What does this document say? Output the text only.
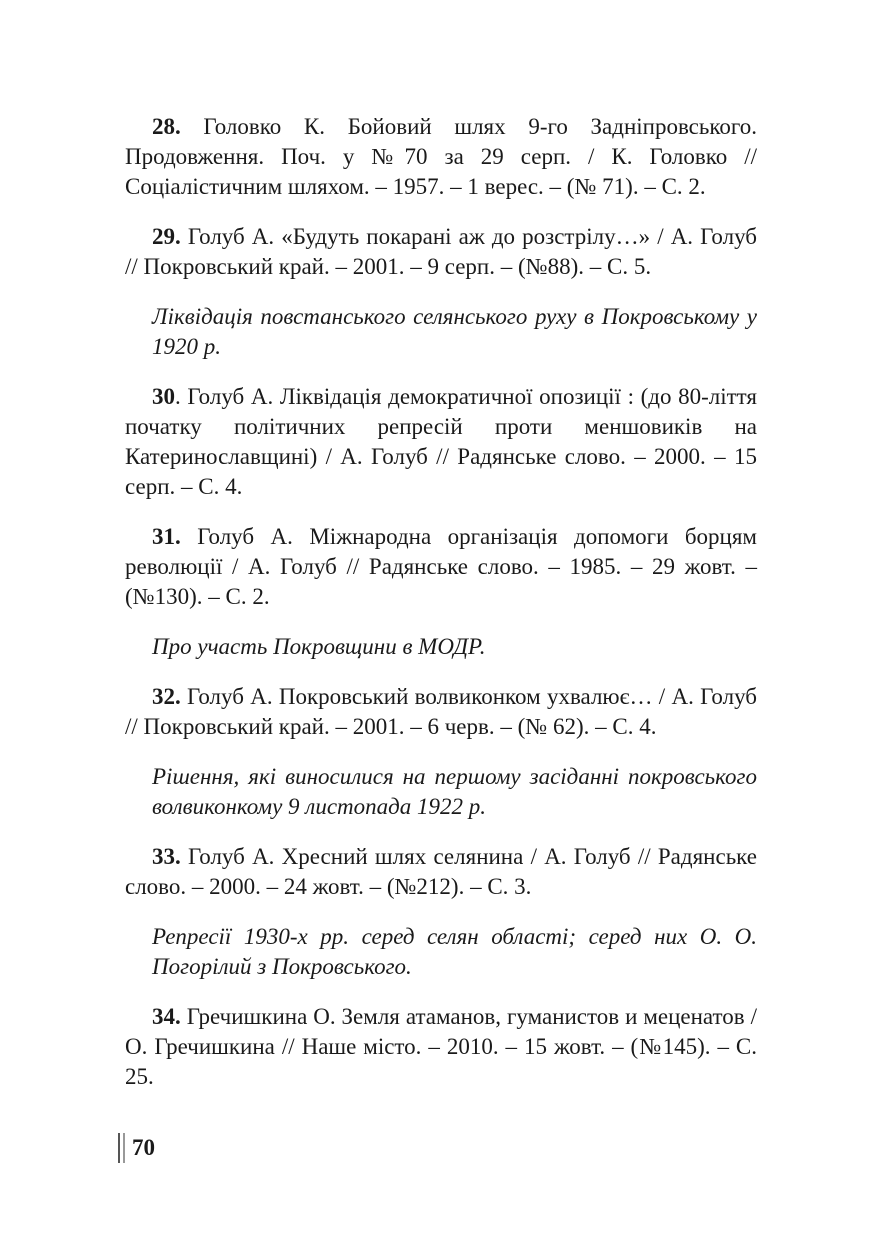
28. Головко К. Бойовий шлях 9-го Задніпровського. Продовження. Поч. у №70 за 29 серп. / К. Головко // Соціалістичним шляхом. – 1957. – 1 верес. – (№ 71). – С. 2.

29. Голуб А. «Будуть покарані аж до розстрілу…» / А. Голуб // Покровський край. – 2001. – 9 серп. – (№88). – С. 5.

Ліквідація повстанського селянського руху в Покровському у 1920 р.

30. Голуб А. Ліквідація демократичної опозиції : (до 80-ліття початку політичних репресій проти меншовиків на Катеринославщині) / А. Голуб // Радянське слово. – 2000. – 15 серп. – С. 4.

31. Голуб А. Міжнародна організація допомоги борцям революції / А. Голуб // Радянське слово. – 1985. – 29 жовт. – (№130). – С. 2.

Про участь Покровщини в МОДР.

32. Голуб А. Покровський волвиконком ухвалює… / А. Голуб // Покровський край. – 2001. – 6 черв. – (№ 62). – С. 4.

Рішення, які виносилися на першому засіданні покровського волвиконкому 9 листопада 1922 р.

33. Голуб А. Хресний шлях селянина / А. Голуб // Радянське слово. – 2000. – 24 жовт. – (№212). – С. 3.

Репресії 1930-х рр. серед селян області; серед них О. О. Погорілий з Покровського.

34. Гречишкина О. Земля атаманов, гуманистов и меценатов / О. Гречишкина // Наше місто. – 2010. – 15 жовт. – (№145). – С. 25.

70
